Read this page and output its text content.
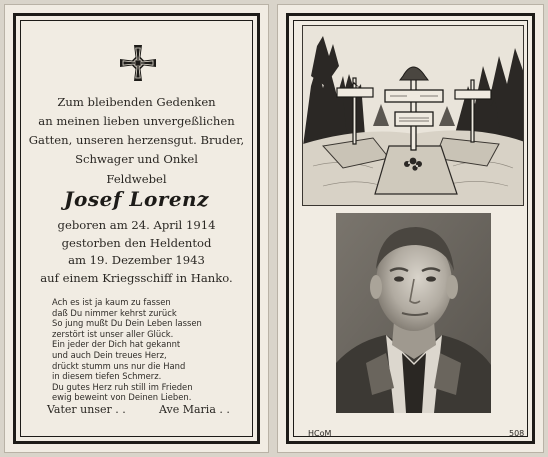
Zum bleibenden Gedenken
an meinen lieben unvergeßlichen
Gatten, unseren herzensgut. Bruder,
Schwager und Onkel
Feldwebel
Josef Lorenz
geboren am 24. April 1914
gestorben den Heldentod
am 19. Dezember 1943
auf einem Kriegsschiff in Hanko.
Ach es ist ja kaum zu fassen
daß Du nimmer kehrst zurück
So jung mußt Du Dein Leben lassen
zerstört ist unser aller Glück.
Ein jeder der Dich hat gekannt
und auch Dein treues Herz,
drückt stumm uns nur die Hand
in diesem tiefen Schmerz.
Du gutes Herz ruh still im Frieden
ewig beweint von Deinen Lieben.
Vater unser . .	Ave Maria . .
HCoM	508
